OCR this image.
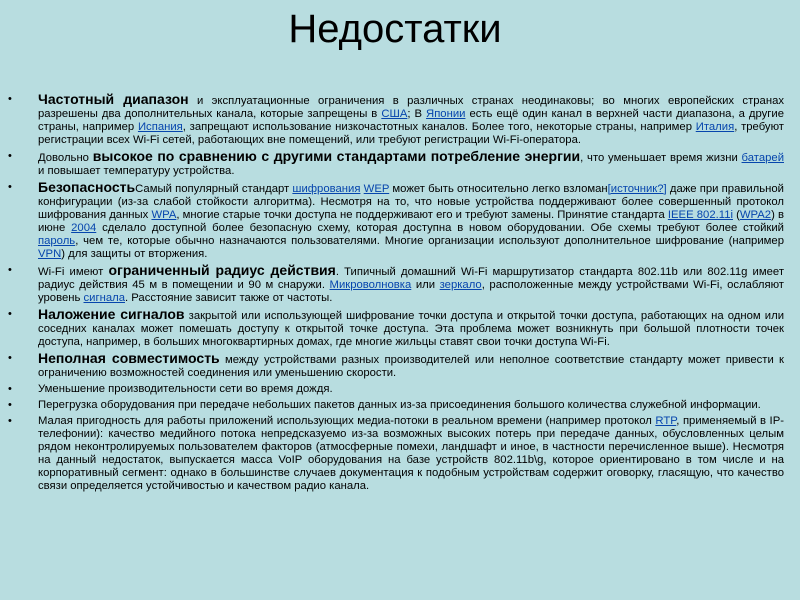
Недостатки
• Частотный диапазон и эксплуатационные ограничения в различных странах неодинаковы; во многих европейских странах разрешены два дополнительных канала, которые запрещены в США; В Японии есть ещё один канал в верхней части диапазона, а другие страны, например Испания, запрещают использование низкочастотных каналов. Более того, некоторые страны, например Италия, требуют регистрации всех Wi-Fi сетей, работающих вне помещений, или требуют регистрации Wi-Fi-оператора.
• Довольно высокое по сравнению с другими стандартами потребление энергии, что уменьшает время жизни батарей и повышает температуру устройства.
• БезопасностьСамый популярный стандарт шифрования WEP может быть относительно легко взломан[источник?] даже при правильной конфигурации (из-за слабой стойкости алгоритма). Несмотря на то, что новые устройства поддерживают более совершенный протокол шифрования данных WPA, многие старые точки доступа не поддерживают его и требуют замены. Принятие стандарта IEEE 802.11i (WPA2) в июне 2004 сделало доступной более безопасную схему, которая доступна в новом оборудовании. Обе схемы требуют более стойкий пароль, чем те, которые обычно назначаются пользователями. Многие организации используют дополнительное шифрование (например VPN) для защиты от вторжения.
• Wi-Fi имеют ограниченный радиус действия. Типичный домашний Wi-Fi маршрутизатор стандарта 802.11b или 802.11g имеет радиус действия 45 м в помещении и 90 м снаружи. Микроволновка или зеркало, расположенные между устройствами Wi-Fi, ослабляют уровень сигнала. Расстояние зависит также от частоты.
• Наложение сигналов закрытой или использующей шифрование точки доступа и открытой точки доступа, работающих на одном или соседних каналах может помешать доступу к открытой точке доступа. Эта проблема может возникнуть при большой плотности точек доступа, например, в больших многоквартирных домах, где многие жильцы ставят свои точки доступа Wi-Fi.
• Неполная совместимость между устройствами разных производителей или неполное соответствие стандарту может привести к ограничению возможностей соединения или уменьшению скорости.
• Уменьшение производительности сети во время дождя.
• Перегрузка оборудования при передаче небольших пакетов данных из-за присоединения большого количества служебной информации.
• Малая пригодность для работы приложений использующих медиа-потоки в реальном времени (например протокол RTP, применяемый в IP-телефонии): качество медийного потока непредсказуемо из-за возможных высоких потерь при передаче данных, обусловленных целым рядом неконтролируемых пользователем факторов (атмосферные помехи, ландшафт и иное, в частности перечисленное выше). Несмотря на данный недостаток, выпускается масса VoIP оборудования на базе устройств 802.11b\g, которое ориентировано в том числе и на корпоративный сегмент: однако в большинстве случаев документация к подобным устройствам содержит оговорку, гласящую, что качество связи определяется устойчивостью и качеством радио канала.
